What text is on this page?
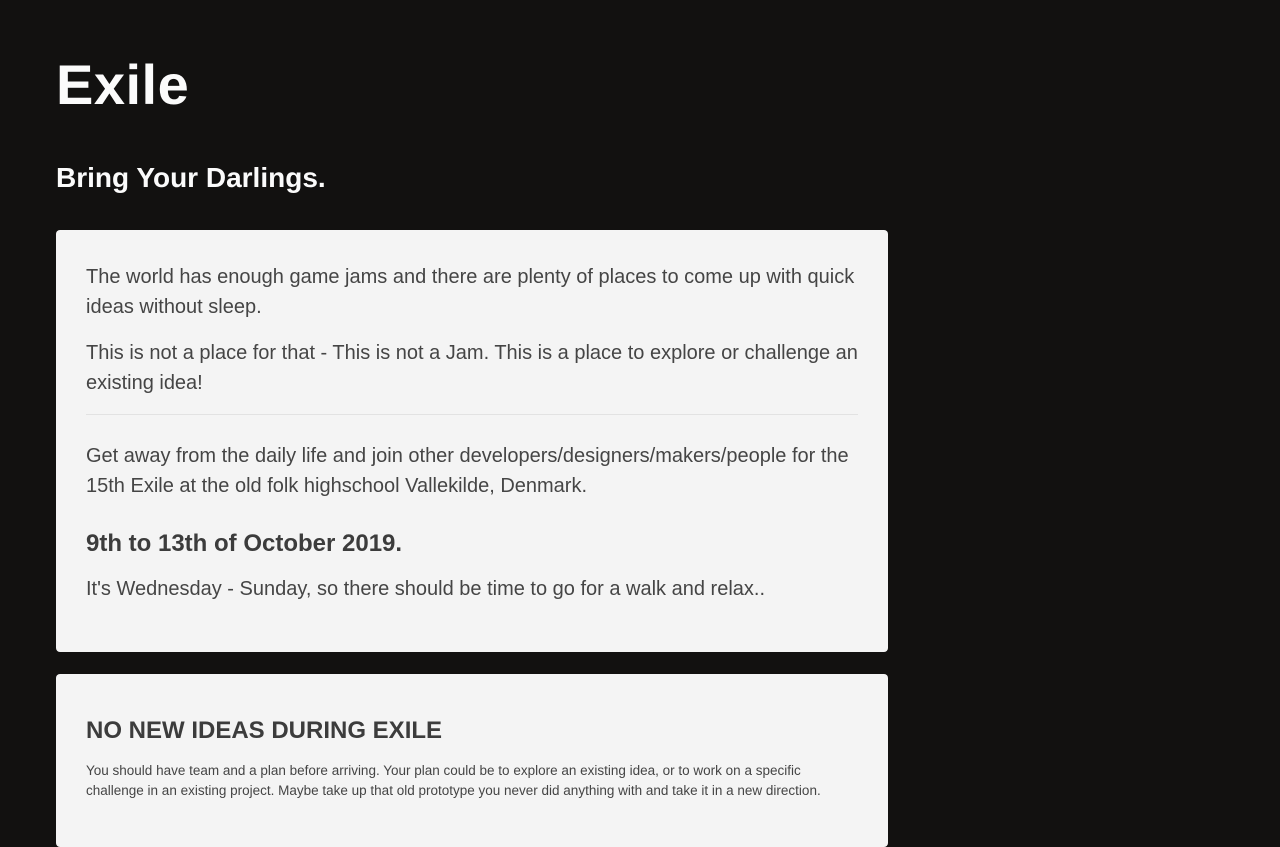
Exile
Bring Your Darlings.

The world has enough game jams and there are plenty of places to come up with quick ideas without sleep.

This is not a place for that - This is not a Jam. This is a place to explore or challenge an existing idea!

Get away from the daily life and join other developers/designers/makers/people for the 15th Exile at the old folk highschool Vallekilde, Denmark.

9th to 13th of October 2019.

It's Wednesday - Sunday, so there should be time to go for a walk and relax..

NO NEW IDEAS DURING EXILE

You should have team and a plan before arriving. Your plan could be to explore an existing idea, or to work on a specific challenge in an existing project. Maybe take up that old prototype you never did anything with and take it in a new direction.
